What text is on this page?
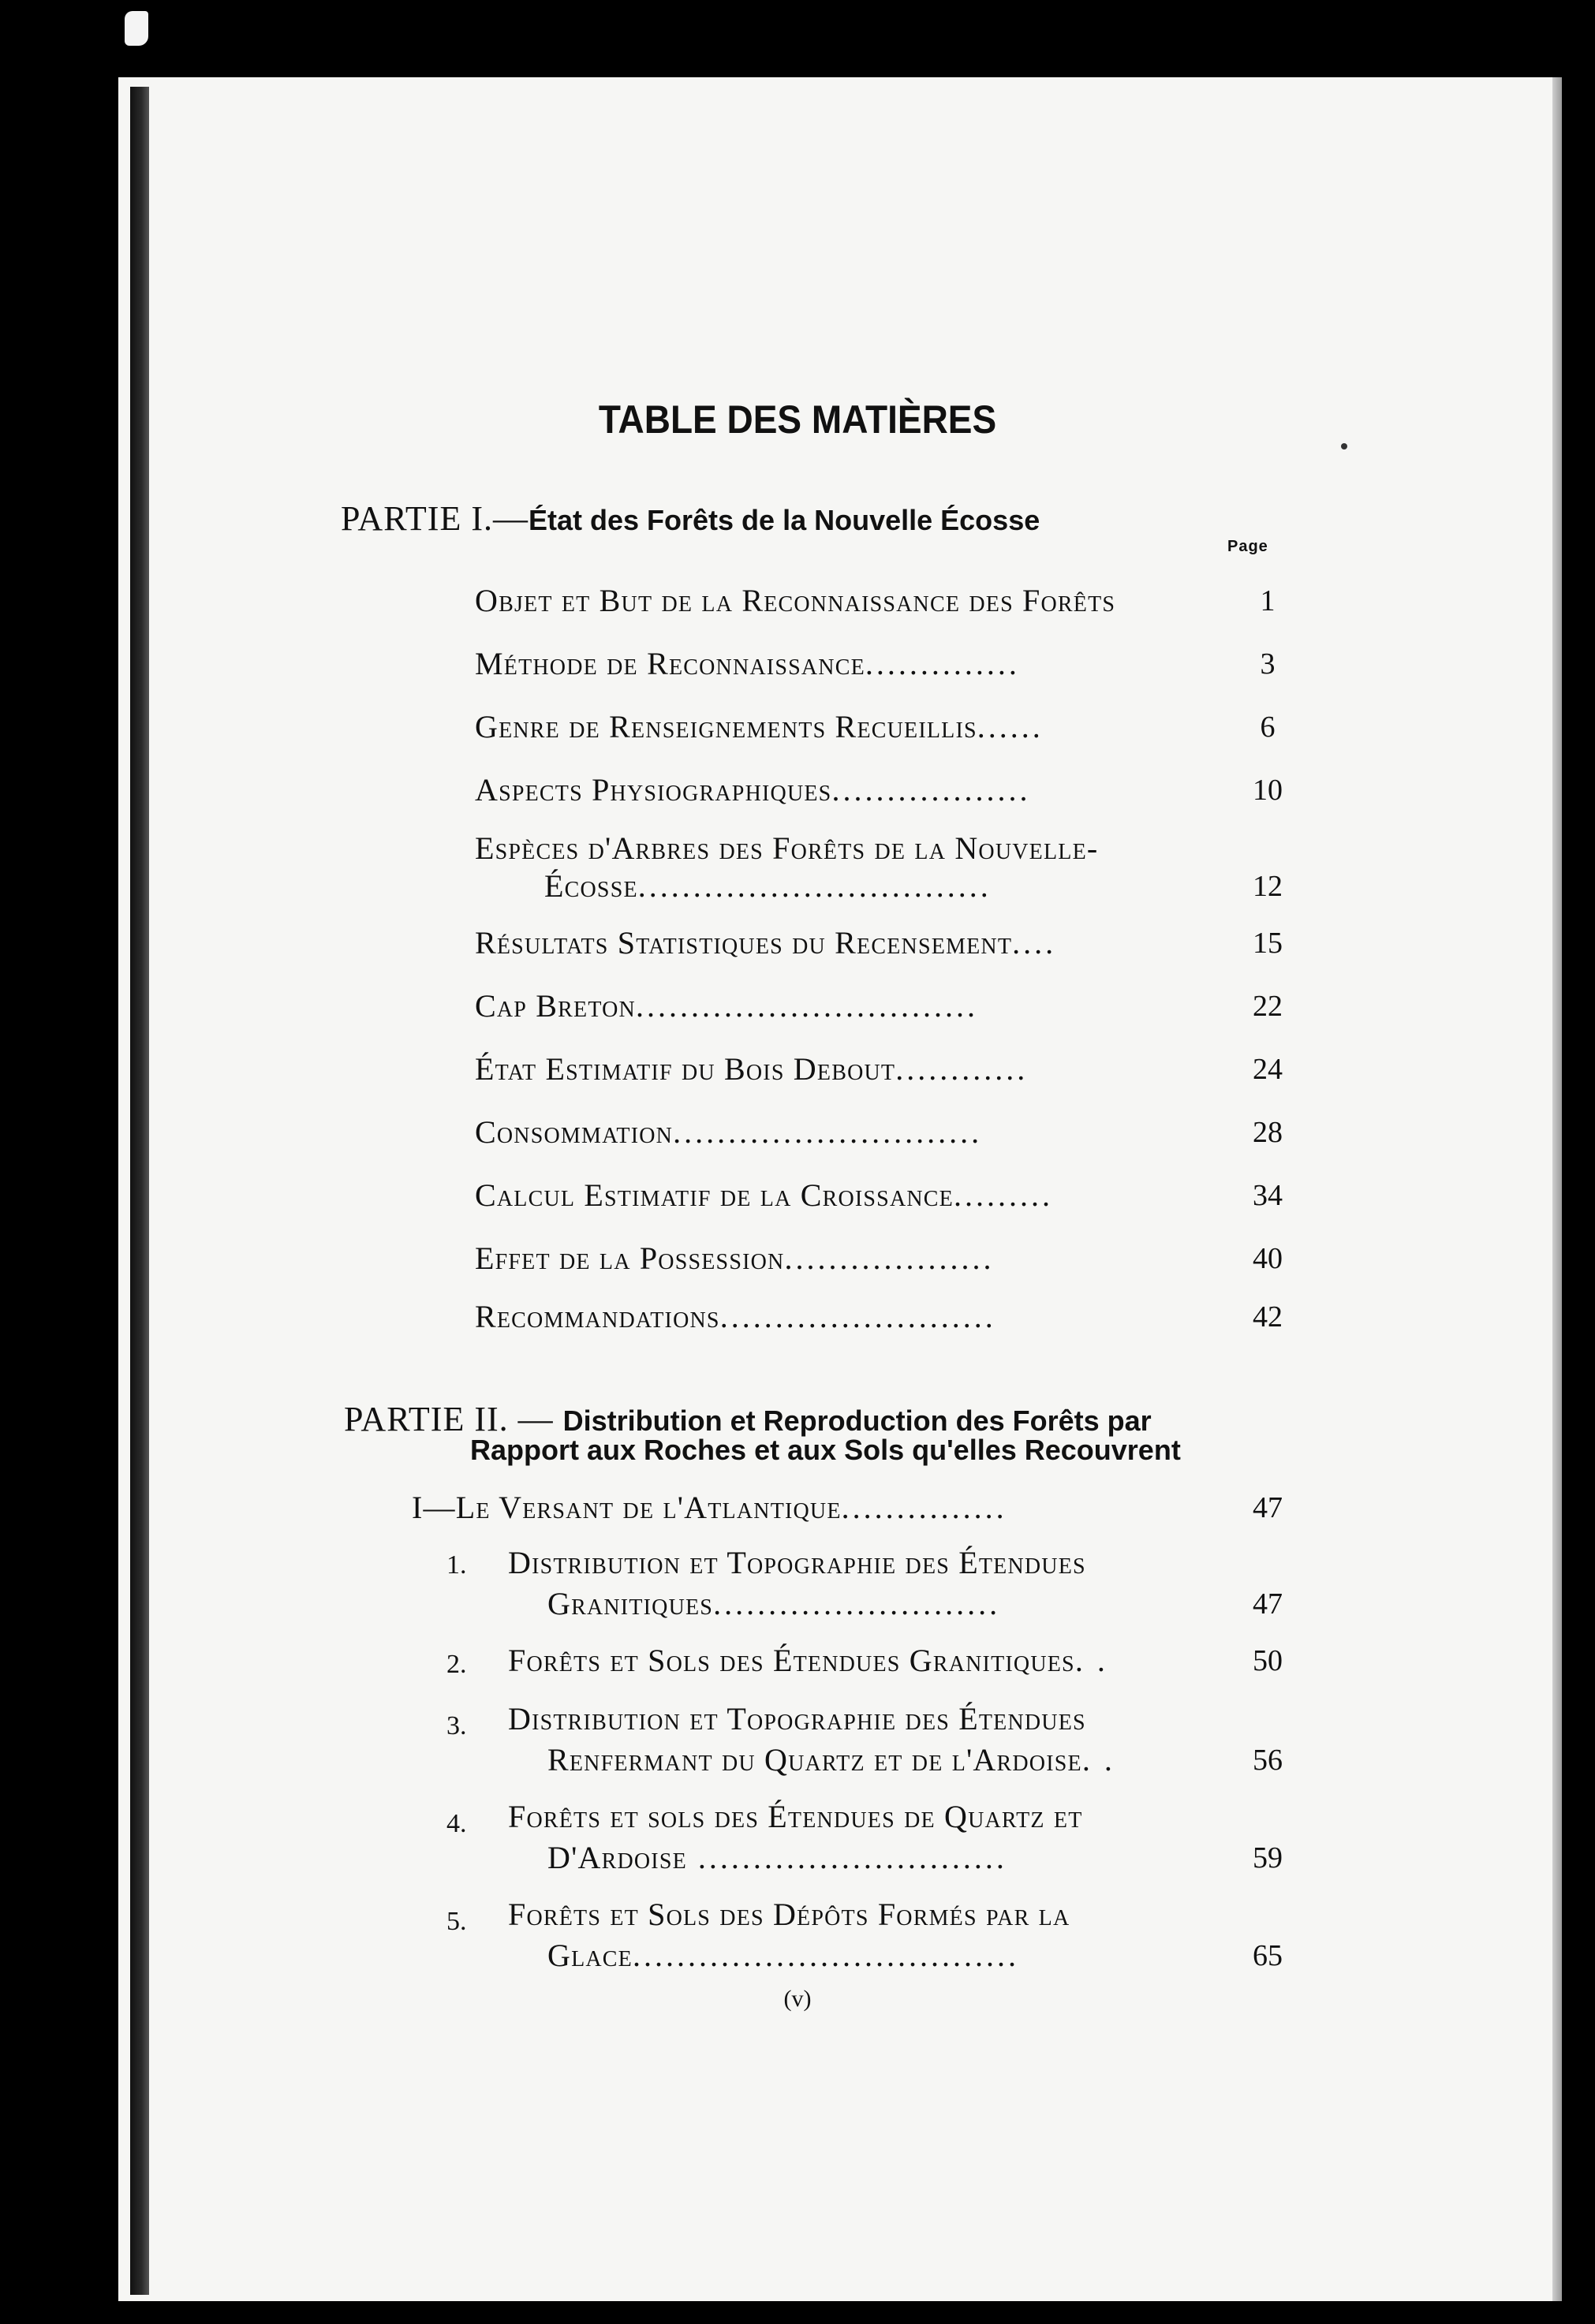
TABLE DES MATIÈRES
PARTIE I.—État des Forêts de la Nouvelle Écosse
Page
Objet et But de la Reconnaissance des Forêts	1
Méthode de Reconnaissance..............	3
Genre de Renseignements Recueillis......	6
Aspects Physiographiques..................	10
Espèces d'Arbres des Forêts de la Nouvelle-
Écosse................................	12
Résultats Statistiques du Recensement....	15
Cap Breton...............................	22
État Estimatif du Bois Debout............	24
Consommation............................	28
Calcul Estimatif de la Croissance.........	34
Effet de la Possession...................	40
Recommandations.........................	42
PARTIE II. — Distribution et Reproduction des Forêts par
Rapport aux Roches et aux Sols qu'elles Recouvrent
I—Le Versant de l'Atlantique...............	47
1. Distribution et Topographie des Étendues
Granitiques..........................	47
2. Forêts et Sols des Étendues Granitiques. .	50
3. Distribution et Topographie des Étendues
Renfermant du Quartz et de l'Ardoise. .	56
4. Forêts et sols des Étendues de Quartz et
D'Ardoise ............................	59
5. Forêts et Sols des Dépôts Formés par la
Glace...................................	65
(v)
